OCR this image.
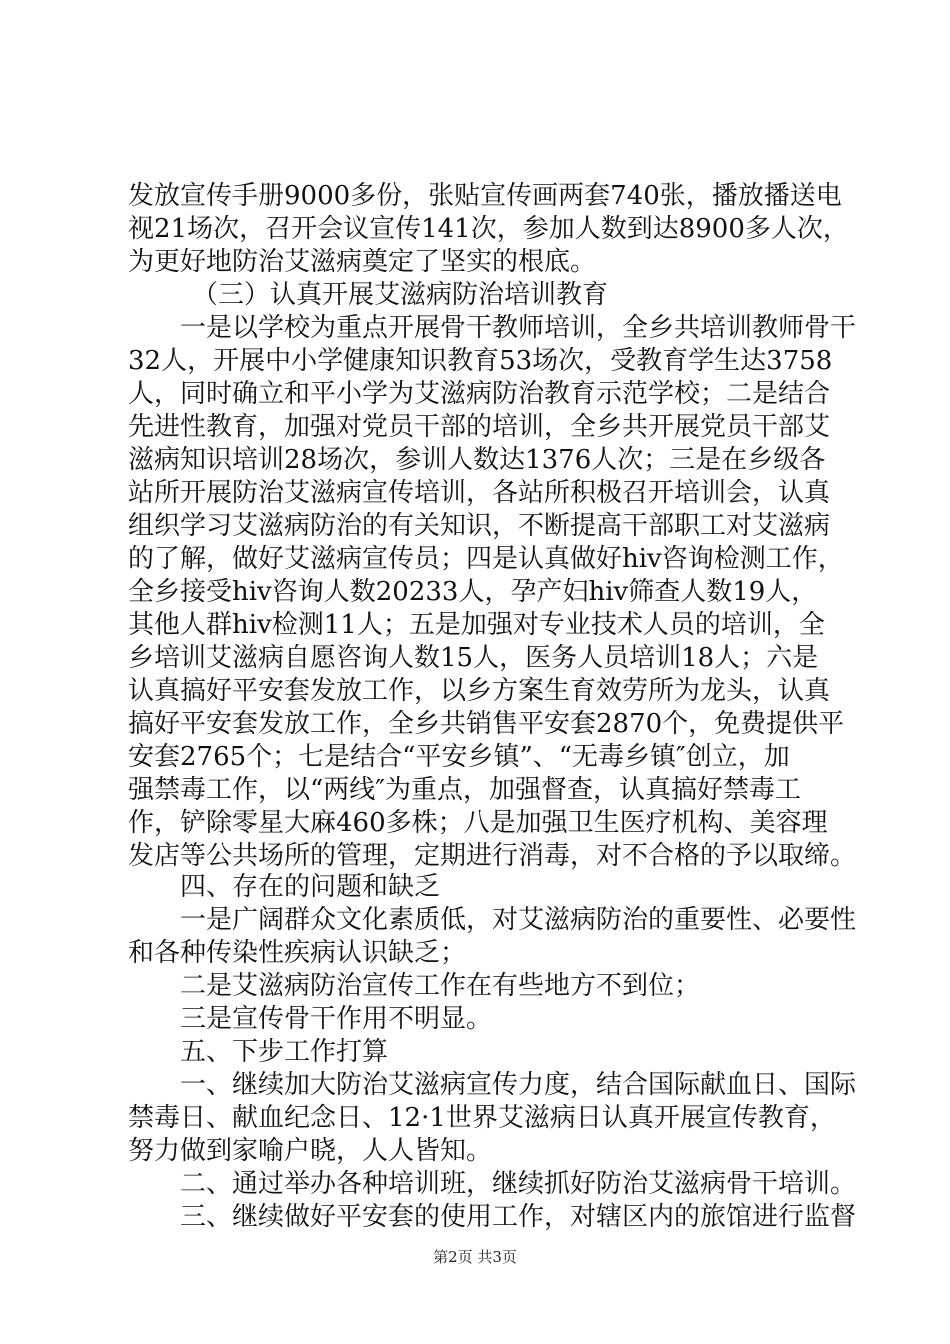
发放宣传手册9000多份，张贴宣传画两套740张，播放播送电
视21场次，召开会议宣传141次，参加人数到达8900多人次，
为更好地防治艾滋病奠定了坚实的根底。
（三）认真开展艾滋病防治培训教育
一是以学校为重点开展骨干教师培训，全乡共培训教师骨干
32人，开展中小学健康知识教育53场次，受教育学生达3758
人，同时确立和平小学为艾滋病防治教育示范学校；二是结合
先进性教育，加强对党员干部的培训，全乡共开展党员干部艾
滋病知识培训28场次，参训人数达1376人次；三是在乡级各
站所开展防治艾滋病宣传培训，各站所积极召开培训会，认真
组织学习艾滋病防治的有关知识，不断提高干部职工对艾滋病
的了解，做好艾滋病宣传员；四是认真做好hiv咨询检测工作，
全乡接受hiv咨询人数20233人，孕产妇hiv筛查人数19人，
其他人群hiv检测11人；五是加强对专业技术人员的培训，全
乡培训艾滋病自愿咨询人数15人，医务人员培训18人；六是
认真搞好平安套发放工作，以乡方案生育效劳所为龙头，认真
搞好平安套发放工作，全乡共销售平安套2870个，免费提供平
安套2765个；七是结合“平安乡镇”、“无毒乡镇″创立，加
强禁毒工作，以“两线″为重点，加强督查，认真搞好禁毒工
作，铲除零星大麻460多株；八是加强卫生医疗机构、美容理
发店等公共场所的管理，定期进行消毒，对不合格的予以取缔。
四、存在的问题和缺乏
一是广阔群众文化素质低，对艾滋病防治的重要性、必要性
和各种传染性疾病认识缺乏；
二是艾滋病防治宣传工作在有些地方不到位；
三是宣传骨干作用不明显。
五、下步工作打算
一、继续加大防治艾滋病宣传力度，结合国际献血日、国际
禁毒日、献血纪念日、12·1世界艾滋病日认真开展宣传教育，
努力做到家喻户晓，人人皆知。
二、通过举办各种培训班，继续抓好防治艾滋病骨干培训。
三、继续做好平安套的使用工作，对辖区内的旅馆进行监督
第2页 共3页
